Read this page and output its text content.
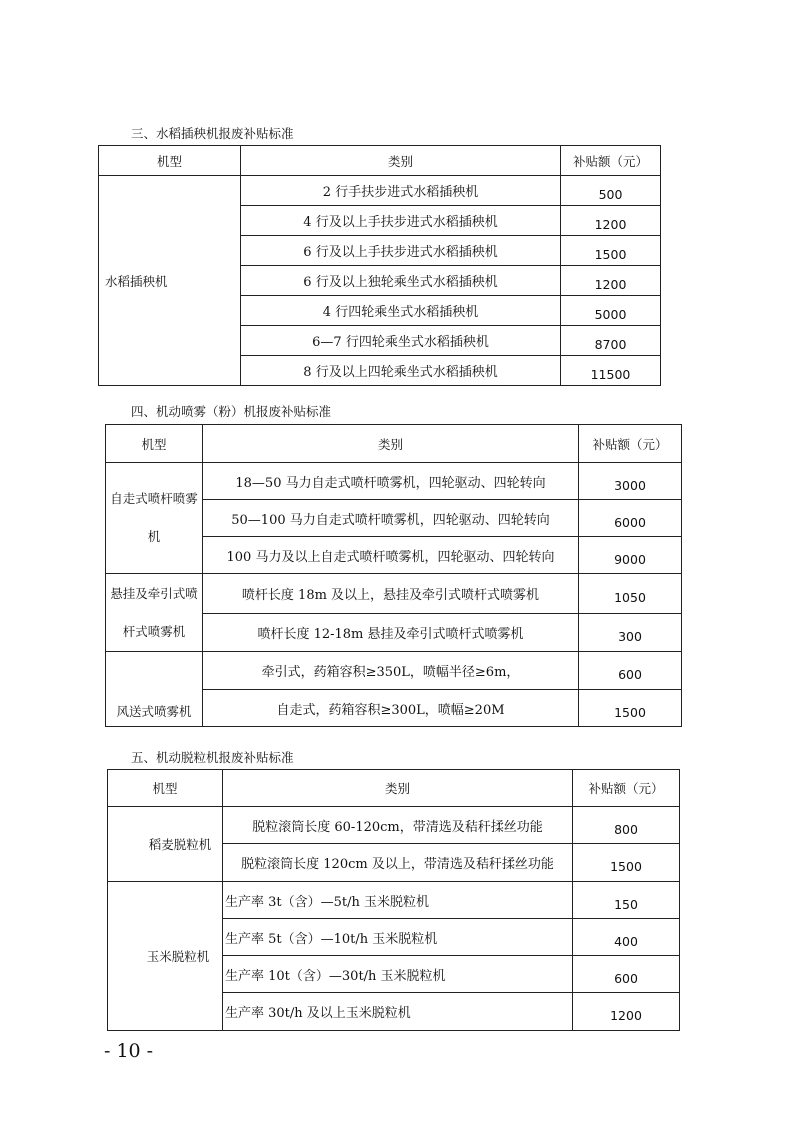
三、水稻插秧机报废补贴标准
机型	类别	补贴额（元）
水稻插秧机	2 行手扶步进式水稻插秧机	500
	4 行及以上手扶步进式水稻插秧机	1200
	6 行及以上手扶步进式水稻插秧机	1500
	6 行及以上独轮乘坐式水稻插秧机	1200
	4 行四轮乘坐式水稻插秧机	5000
	6—7 行四轮乘坐式水稻插秧机	8700
	8 行及以上四轮乘坐式水稻插秧机	11500
四、机动喷雾（粉）机报废补贴标准
机型	类别	补贴额（元）
自走式喷杆喷雾机	18—50 马力自走式喷杆喷雾机，四轮驱动、四轮转向	3000
	50—100 马力自走式喷杆喷雾机，四轮驱动、四轮转向	6000
	100 马力及以上自走式喷杆喷雾机，四轮驱动、四轮转向	9000
悬挂及牵引式喷杆式喷雾机	喷杆长度 18m 及以上，悬挂及牵引式喷杆式喷雾机	1050
	喷杆长度 12-18m 悬挂及牵引式喷杆式喷雾机	300
风送式喷雾机	牵引式，药箱容积≥350L，喷幅半径≥6m，	600
	自走式，药箱容积≥300L，喷幅≥20M	1500
五、机动脱粒机报废补贴标准
机型	类别	补贴额（元）
稻麦脱粒机	脱粒滚筒长度 60-120cm，带清选及秸秆揉丝功能	800
	脱粒滚筒长度 120cm 及以上，带清选及秸秆揉丝功能	1500
玉米脱粒机	生产率 3t（含）—5t/h 玉米脱粒机	150
	生产率 5t（含）—10t/h 玉米脱粒机	400
	生产率 10t（含）—30t/h 玉米脱粒机	600
	生产率 30t/h 及以上玉米脱粒机	1200
- 10 -
